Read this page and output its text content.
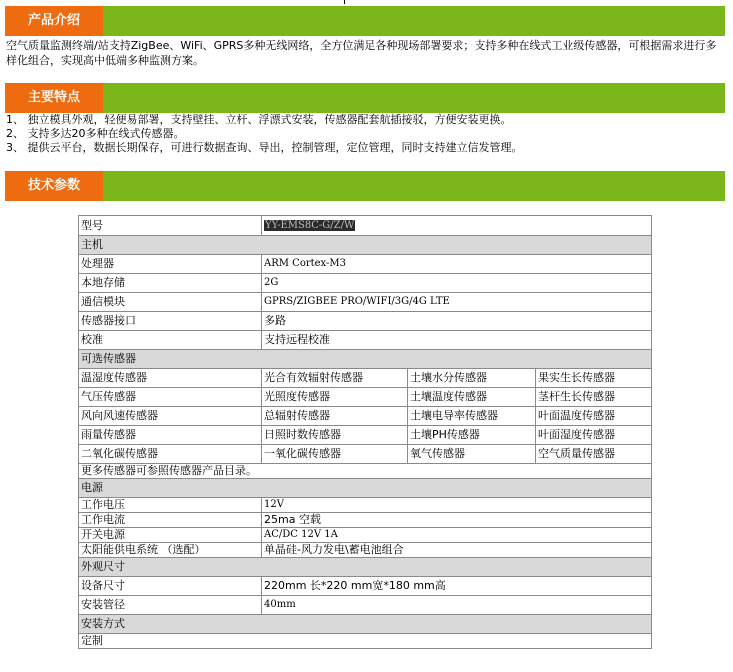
产品介绍

空气质量监测终端/站支持ZigBee、WiFi、GPRS多种无线网络，全方位满足各种现场部署要求；支持多种在线式工业级传感器，可根据需求进行多样化组合，实现高中低端多种监测方案。

主要特点

1、 独立模具外观，轻便易部署，支持壁挂、立杆、浮漂式安装，传感器配套航插接驳，方便安装更换。

2、 支持多达20多种在线式传感器。

3、 提供云平台，数据长期保存，可进行数据查询、导出，控制管理，定位管理，同时支持建立信发管理。

技术参数
型号	YY-EMS8C-G/Z/W		
主机			
处理器	ARM Cortex-M3		
本地存储	2G		
通信模块	GPRS/ZIGBEE PRO/WIFI/3G/4G LTE		
传感器接口	多路		
校准	支持远程校准		
可选传感器			
温湿度传感器	光合有效辐射传感器	土壤水分传感器	果实生长传感器
气压传感器	光照度传感器	土壤温度传感器	茎杆生长传感器
风向风速传感器	总辐射传感器	土壤电导率传感器	叶面温度传感器
雨量传感器	日照时数传感器	土壤PH传感器	叶面湿度传感器
二氧化碳传感器	一氧化碳传感器	氧气传感器	空气质量传感器
更多传感器可参照传感器产品目录。			
电源			
工作电压	12V		
工作电流	25ma 空载		
开关电源	AC/DC 12V 1A		
太阳能供电系统 （选配）	单晶硅-风力发电\蓄电池组合		
外观尺寸			
设备尺寸	220mm 长*220 mm宽*180 mm高		
安装管径	40mm		
安装方式			
定制			
